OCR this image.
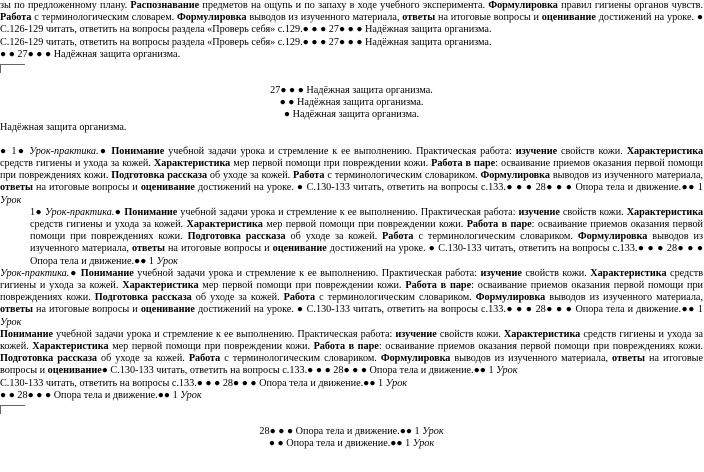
зы по предложенному плану. Распознавание предметов на ощупь и по запаху в ходе учебного эксперимента. Формулировка правил гигиены органов чувств. Работа с терминологическим словарем. Формулировка выводов из изученного материала, ответы на итоговые вопросы и оценивание достижений на уроке. ● С.126-129 читать, ответить на вопросы раздела «Проверь себя» с.129.● ● ● 27● ● ● Надёжная защита организма.

С.126-129 читать, ответить на вопросы раздела «Проверь себя» с.129.● ● ● 27● ● ● Надёжная защита организма.

● ● 27● ● ● Надёжная защита организма.

27● ● ● Надёжная защита организма.

● ● Надёжная защита организма.

● Надёжная защита организма.

Надёжная защита организма.

● 1● Урок-практика.● Понимание учебной задачи урока и стремление к ее выполнению. Практическая работа: изучение свойств кожи. Характеристика средств гигиены и ухода за кожей. Характеристика мер первой помощи при повреждении кожи. Работа в паре: осваивание приемов оказания первой помощи при повреждениях кожи. Подготовка рассказа об уходе за кожей. Работа с терминологическим словариком. Формулировка выводов из изученного материала, ответы на итоговые вопросы и оценивание достижений на уроке. ● С.130-133 читать, ответить на вопросы с.133.● ● ● 28● ● ● Опора тела и движение.●● 1 Урок

1● Урок-практика.● Понимание учебной задачи урока и стремление к ее выполнению. Практическая работа: изучение свойств кожи. Характеристика средств гигиены и ухода за кожей. Характеристика мер первой помощи при повреждении кожи. Работа в паре: осваивание приемов оказания первой помощи при повреждениях кожи. Подготовка рассказа об уходе за кожей. Работа с терминологическим словариком. Формулировка выводов из изученного материала, ответы на итоговые вопросы и оценивание достижений на уроке. ● С.130-133 читать, ответить на вопросы с.133.● ● ● 28● ● ● Опора тела и движение.●● 1 Урок

Урок-практика.● Понимание учебной задачи урока и стремление к ее выполнению. Практическая работа: изучение свойств кожи. Характеристика средств гигиены и ухода за кожей. Характеристика мер первой помощи при повреждении кожи. Работа в паре: осваивание приемов оказания первой помощи при повреждениях кожи. Подготовка рассказа об уходе за кожей. Работа с терминологическим словариком. Формулировка выводов из изученного материала, ответы на итоговые вопросы и оценивание достижений на уроке. ● С.130-133 читать, ответить на вопросы с.133.● ● ● 28● ● ● Опора тела и движение.●● 1 Урок

Понимание учебной задачи урока и стремление к ее выполнению. Практическая работа: изучение свойств кожи. Характеристика средств гигиены и ухода за кожей. Характеристика мер первой помощи при повреждении кожи. Работа в паре: осваивание приемов оказания первой помощи при повреждениях кожи. Подготовка рассказа об уходе за кожей. Работа с терминологическим словариком. Формулировка выводов из изученного материала, ответы на итоговые вопросы и оценивание● С.130-133 читать, ответить на вопросы с.133.● ● ● 28● ● ● Опора тела и движение.●● 1 Урок

С.130-133 читать, ответить на вопросы с.133.● ● ● 28● ● ● Опора тела и движение.●● 1 Урок

● ● 28● ● ● Опора тела и движение.●● 1 Урок

28● ● ● Опора тела и движение.●● 1 Урок

● ● Опора тела и движение.●● 1 Урок
